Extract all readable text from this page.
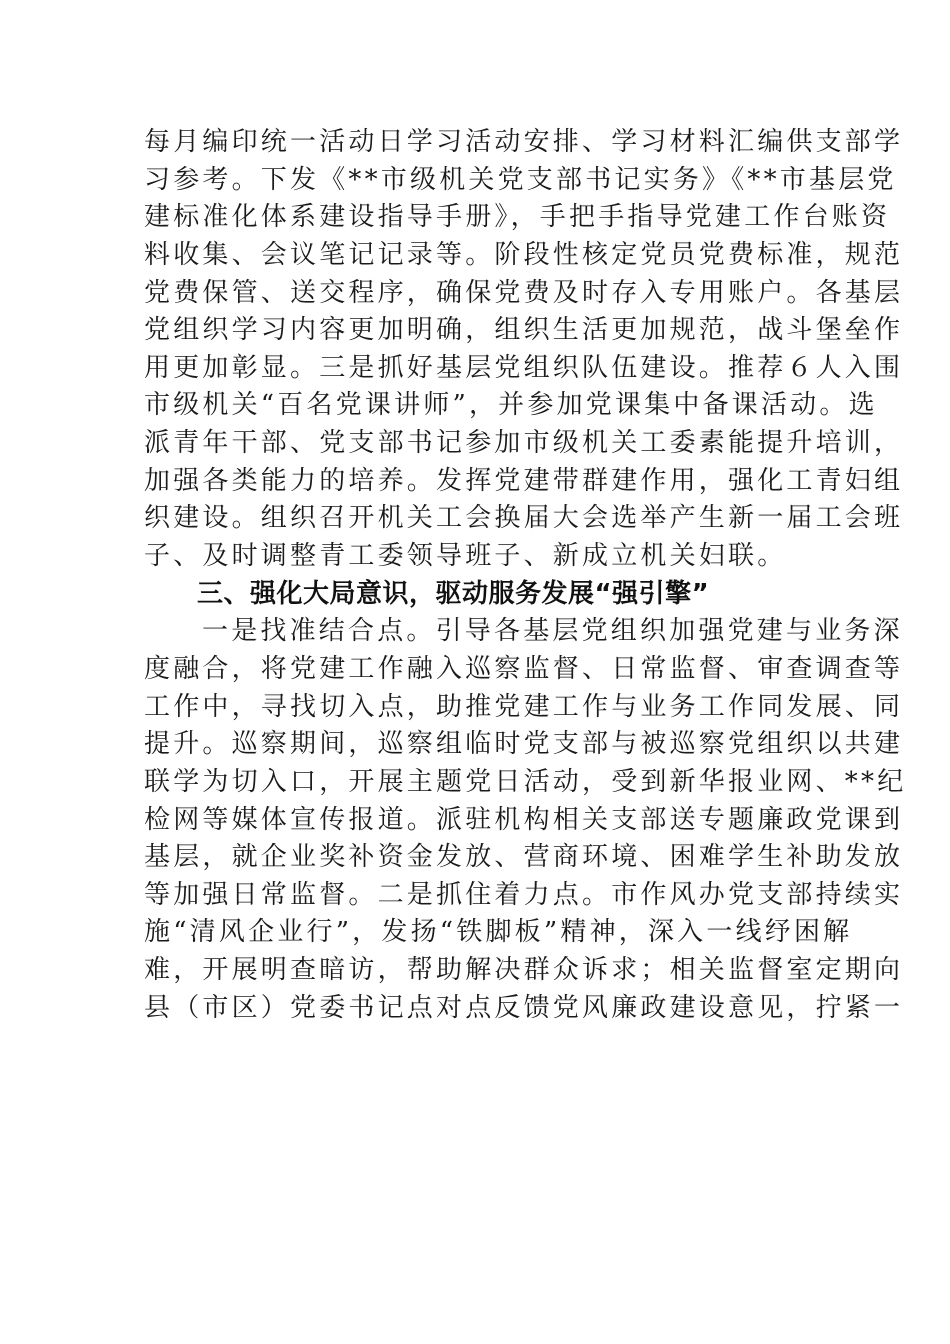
每月编印统一活动日学习活动安排、学习材料汇编供支部学
习参考。下发《**市级机关党支部书记实务》《**市基层党
建标准化体系建设指导手册》，手把手指导党建工作台账资
料收集、会议笔记记录等。阶段性核定党员党费标准，规范
党费保管、送交程序，确保党费及时存入专用账户。各基层
党组织学习内容更加明确，组织生活更加规范，战斗堡垒作
用更加彰显。三是抓好基层党组织队伍建设。推荐６人入围
市级机关“百名党课讲师”，并参加党课集中备课活动。选
派青年干部、党支部书记参加市级机关工委素能提升培训，
加强各类能力的培养。发挥党建带群建作用，强化工青妇组
织建设。组织召开机关工会换届大会选举产生新一届工会班
子、及时调整青工委领导班子、新成立机关妇联。
三、强化大局意识，驱动服务发展“强引擎”
一是找准结合点。引导各基层党组织加强党建与业务深
度融合，将党建工作融入巡察监督、日常监督、审查调查等
工作中，寻找切入点，助推党建工作与业务工作同发展、同
提升。巡察期间，巡察组临时党支部与被巡察党组织以共建
联学为切入口，开展主题党日活动，受到新华报业网、**纪
检网等媒体宣传报道。派驻机构相关支部送专题廉政党课到
基层，就企业奖补资金发放、营商环境、困难学生补助发放
等加强日常监督。二是抓住着力点。市作风办党支部持续实
施“清风企业行”，发扬“铁脚板”精神，深入一线纾困解
难，开展明查暗访，帮助解决群众诉求；相关监督室定期向
县（市区）党委书记点对点反馈党风廉政建设意见，拧紧一
